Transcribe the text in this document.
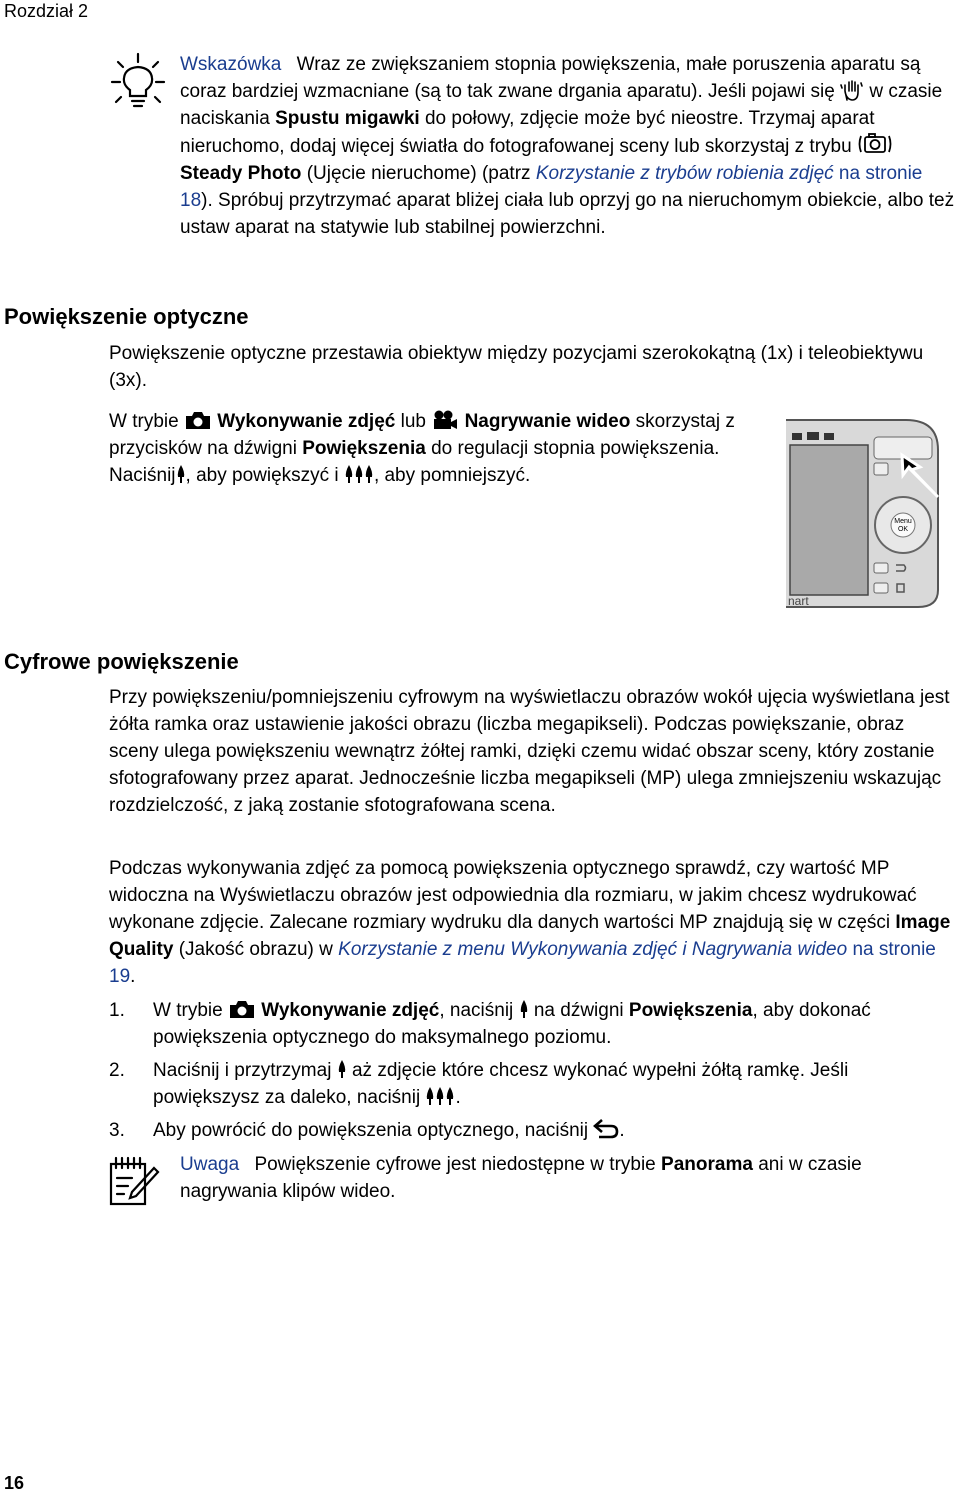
Rozdział 2
Wskazówka Wraz ze zwiększaniem stopnia powiększenia, małe poruszenia aparatu są coraz bardziej wzmacniane (są to tak zwane drgania aparatu). Jeśli pojawi się w czasie naciskania Spustu migawki do połowy, zdjęcie może być nieostre. Trzymaj aparat nieruchomo, dodaj więcej światła do fotografowanej sceny lub skorzystaj z trybu  Steady Photo (Ujęcie nieruchome) (patrz Korzystanie z trybów robienia zdjęć na stronie 18). Spróbuj przytrzymać aparat bliżej ciała lub oprzyj go na nieruchomym obiekcie, albo też ustaw aparat na statywie lub stabilnej powierzchni.
Powiększenie optyczne
Powiększenie optyczne przestawia obiektyw między pozycjami szerokokątną (1x) i teleobiektywu (3x).
W trybie Wykonywanie zdjęć lub Nagrywanie wideo skorzystaj z przycisków na dźwigni Powiększenia do regulacji stopnia powiększenia. Naciśnij , aby powiększyć i , aby pomniejszyć.
Menu
OK
nart
Cyfrowe powiększenie
Przy powiększeniu/pomniejszeniu cyfrowym na wyświetlaczu obrazów wokół ujęcia wyświetlana jest żółta ramka oraz ustawienie jakości obrazu (liczba megapikseli). Podczas powiększanie, obraz sceny ulega powiększeniu wewnątrz żółtej ramki, dzięki czemu widać obszar sceny, który zostanie sfotografowany przez aparat. Jednocześnie liczba megapikseli (MP) ulega zmniejszeniu wskazując rozdzielczość, z jaką zostanie sfotografowana scena.
Podczas wykonywania zdjęć za pomocą powiększenia optycznego sprawdź, czy wartość MP widoczna na Wyświetlaczu obrazów jest odpowiednia dla rozmiaru, w jakim chcesz wydrukować wykonane zdjęcie. Zalecane rozmiary wydruku dla danych wartości MP znajdują się w części Image Quality (Jakość obrazu) w Korzystanie z menu Wykonywania zdjęć i Nagrywania wideo na stronie 19.
1. W trybie Wykonywanie zdjęć, naciśnij na dźwigni Powiększenia, aby dokonać powiększenia optycznego do maksymalnego poziomu.
2. Naciśnij i przytrzymaj aż zdjęcie które chcesz wykonać wypełni żółtą ramkę. Jeśli powiększysz za daleko, naciśnij .
3. Aby powrócić do powiększenia optycznego, naciśnij .
Uwaga Powiększenie cyfrowe jest niedostępne w trybie Panorama ani w czasie nagrywania klipów wideo.
16
